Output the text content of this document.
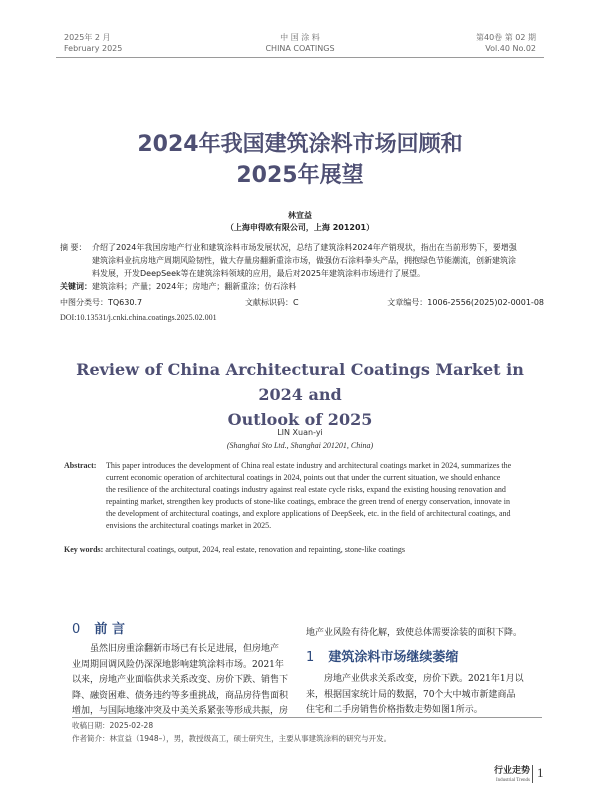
2025年 2 月
February 2025
中 国 涂 料
CHINA COATINGS
第40卷 第 02 期
Vol.40 No.02
2024年我国建筑涂料市场回顾和
2025年展望
林宣益
（上海申得欧有限公司，上海 201201）
摘 要： 介绍了2024年我国房地产行业和建筑涂料市场发展状况，总结了建筑涂料2024年产销现状，指出在当前形势下，要增强
建筑涂料业抗房地产周期风险韧性，做大存量房翻新重涂市场，做强仿石涂料拳头产品，拥抱绿色节能潮流，创新建筑涂
料发展，开发DeepSeek等在建筑涂料领域的应用，最后对2025年建筑涂料市场进行了展望。
关键词：建筑涂料；产量；2024年；房地产；翻新重涂；仿石涂料
中图分类号：TQ630.7	文献标识码：C	文章编号：1006-2556(2025)02-0001-08
DOI:10.13531/j.cnki.china.coatings.2025.02.001
Review of China Architectural Coatings Market in 2024 and
Outlook of 2025
LIN Xuan-yi
(Shanghai Sto Ltd., Shanghai 201201, China)
Abstract: This paper introduces the development of China real estate industry and architectural coatings market in 2024, summarizes the
current economic operation of architectural coatings in 2024, points out that under the current situation, we should enhance
the resilience of the architectural coatings industry against real estate cycle risks, expand the existing housing renovation and
repainting market, strengthen key products of stone-like coatings, embrace the green trend of energy conservation, innovate in
the development of architectural coatings, and explore applications of DeepSeek, etc. in the field of architectural coatings, and
envisions the architectural coatings market in 2025.
Key words: architectural coatings, output, 2024, real estate, renovation and repainting, stone-like coatings
0 前 言
虽然旧房重涂翻新市场已有长足进展，但房地产
业周期回调风险仍深深地影响建筑涂料市场。2021年
以来，房地产业面临供求关系改变、房价下跌、销售下
降、融资困难、债务违约等多重挑战，商品房待售面积
增加，与国际地缘冲突及中美关系紧张等形成共振，房
地产业风险有待化解，致使总体需要涂装的面积下降。
1 建筑涂料市场继续萎缩
房地产业供求关系改变，房价下跌。2021年1月以
来，根据国家统计局的数据，70个大中城市新建商品
住宅和二手房销售价格指数走势如图1所示。
收稿日期：2025-02-28
作者简介：林宣益（1948–），男，教授级高工，硕士研究生，主要从事建筑涂料的研究与开发。
行业走势
Industrial Trends
1
